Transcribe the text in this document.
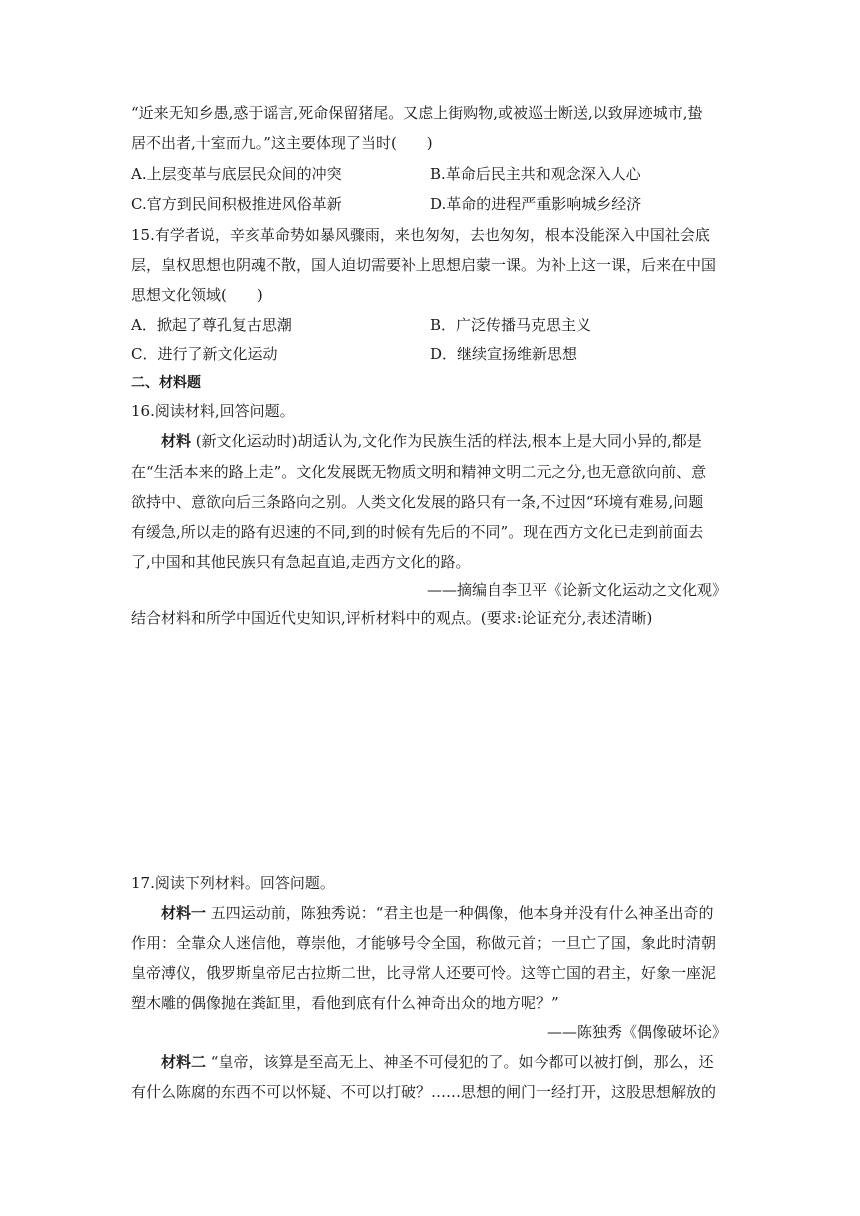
“近来无知乡愚,惑于谣言,死命保留猪尾。又虑上街购物,或被巡士断送,以致屏迹城市,蛰
居不出者,十室而九。”这主要体现了当时(　　)
A.上层变革与底层民众间的冲突	B.革命后民主共和观念深入人心
C.官方到民间积极推进风俗革新	D.革命的进程严重影响城乡经济
15.有学者说，辛亥革命势如暴风骤雨，来也匆匆，去也匆匆，根本没能深入中国社会底
层，皇权思想也阴魂不散，国人迫切需要补上思想启蒙一课。为补上这一课，后来在中国
思想文化领域(　　)
A．掀起了尊孔复古思潮	B．广泛传播马克思主义
C．进行了新文化运动	D．继续宣扬维新思想
二、材料题
16.阅读材料,回答问题。
材料 (新文化运动时)胡适认为,文化作为民族生活的样法,根本上是大同小异的,都是
在“生活本来的路上走”。文化发展既无物质文明和精神文明二元之分,也无意欲向前、意
欲持中、意欲向后三条路向之别。人类文化发展的路只有一条,不过因“环境有难易,问题
有缓急,所以走的路有迟速的不同,到的时候有先后的不同”。现在西方文化已走到前面去
了,中国和其他民族只有急起直追,走西方文化的路。
——摘编自李卫平《论新文化运动之文化观》
结合材料和所学中国近代史知识,评析材料中的观点。(要求:论证充分,表述清晰)
17.阅读下列材料。回答问题。
材料一 五四运动前，陈独秀说：“君主也是一种偶像，他本身并没有什么神圣出奇的
作用：全靠众人迷信他，尊崇他，才能够号令全国，称做元首；一旦亡了国，象此时清朝
皇帝溥仪，俄罗斯皇帝尼古拉斯二世，比寻常人还要可怜。这等亡国的君主，好象一座泥
塑木雕的偶像抛在粪缸里，看他到底有什么神奇出众的地方呢？”
——陈独秀《偶像破坏论》
材料二 “皇帝，该算是至高无上、神圣不可侵犯的了。如今都可以被打倒，那么，还
有什么陈腐的东西不可以怀疑、不可以打破？……思想的闸门一经打开，这股思想解放的
